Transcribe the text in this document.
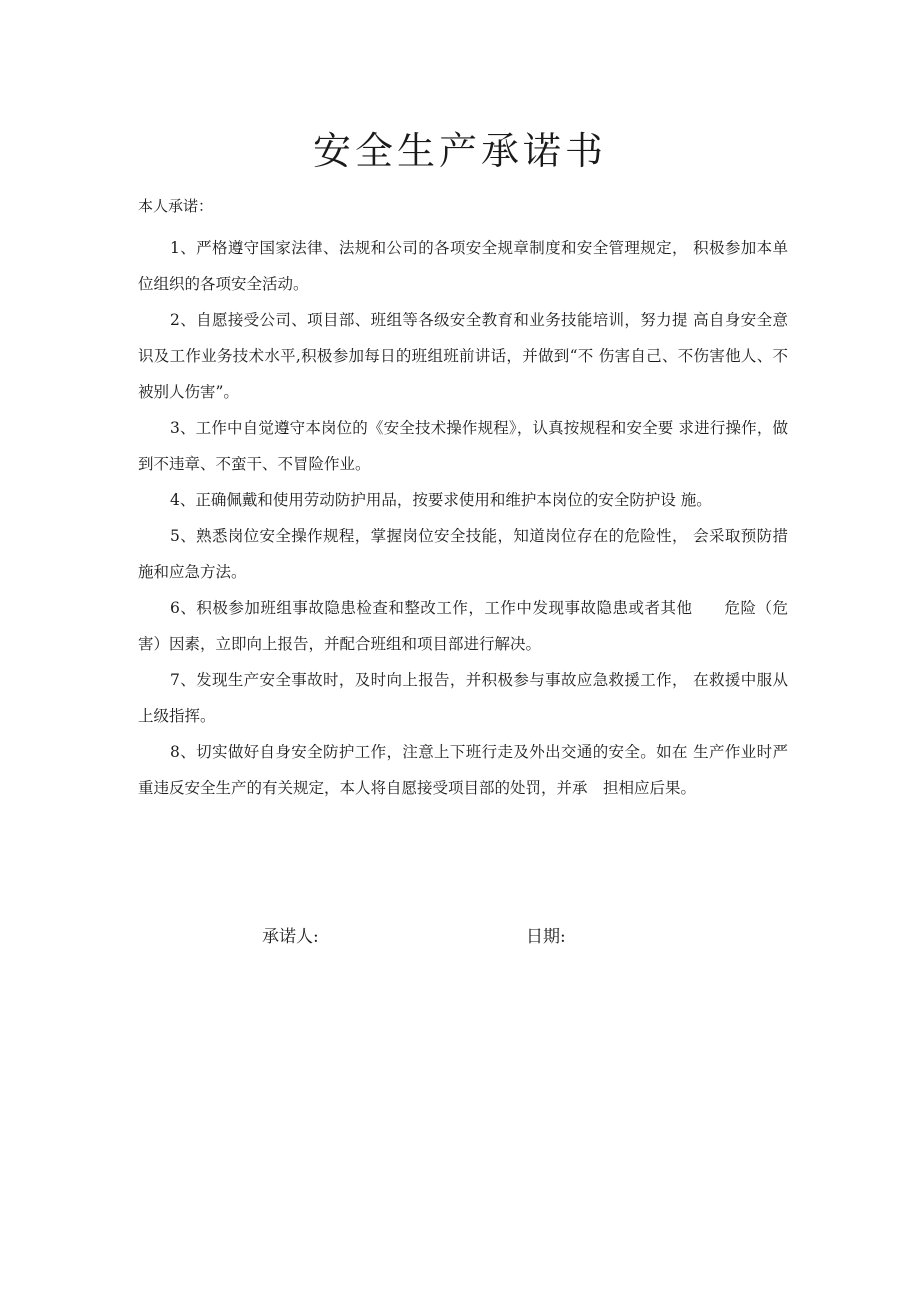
安全生产承诺书

本人承诺：

1、严格遵守国家法律、法规和公司的各项安全规章制度和安全管理规定， 积极参加本单位组织的各项安全活动。
2、自愿接受公司、项目部、班组等各级安全教育和业务技能培训，努力提 高自身安全意识及工作业务技术水平,积极参加每日的班组班前讲话，并做到“不 伤害自己、不伤害他人、不被别人伤害”。
3、工作中自觉遵守本岗位的《安全技术操作规程》，认真按规程和安全要 求进行操作，做到不违章、不蛮干、不冒险作业。
4、正确佩戴和使用劳动防护用品，按要求使用和维护本岗位的安全防护设 施。
5、熟悉岗位安全操作规程，掌握岗位安全技能，知道岗位存在的危险性， 会采取预防措施和应急方法。
6、积极参加班组事故隐患检查和整改工作，工作中发现事故隐患或者其他　　危险（危害）因素，立即向上报告，并配合班组和项目部进行解决。
7、发现生产安全事故时，及时向上报告，并积极参与事故应急救援工作， 在救援中服从上级指挥。
8、切实做好自身安全防护工作，注意上下班行走及外出交通的安全。如在 生产作业时严重违反安全生产的有关规定，本人将自愿接受项目部的处罚，并承　担相应后果。
承诺人:	日期:
